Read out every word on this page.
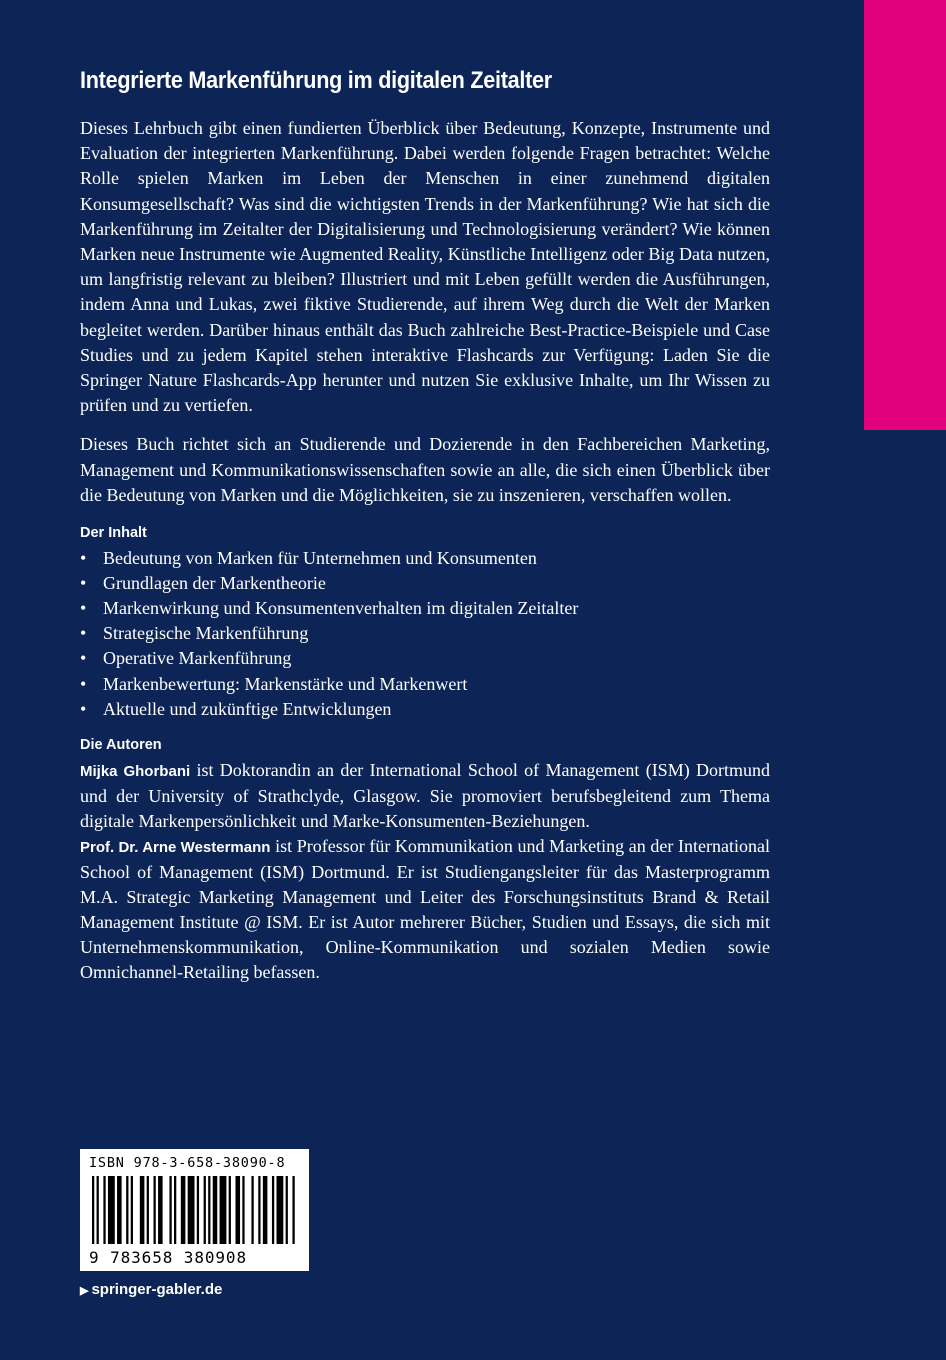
Integrierte Markenführung im digitalen Zeitalter

Dieses Lehrbuch gibt einen fundierten Überblick über Bedeutung, Konzepte, Instrumente und Evaluation der integrierten Markenführung. Dabei werden folgende Fragen betrachtet: Welche Rolle spielen Marken im Leben der Menschen in einer zunehmend digitalen Konsumgesellschaft? Was sind die wichtigsten Trends in der Markenführung? Wie hat sich die Markenführung im Zeitalter der Digitalisierung und Technologisierung verändert? Wie können Marken neue Instrumente wie Augmented Reality, Künstliche Intelligenz oder Big Data nutzen, um langfristig relevant zu bleiben? Illustriert und mit Leben gefüllt werden die Ausführungen, indem Anna und Lukas, zwei fiktive Studierende, auf ihrem Weg durch die Welt der Marken begleitet werden. Darüber hinaus enthält das Buch zahlreiche Best-Practice-Beispiele und Case Studies und zu jedem Kapitel stehen interaktive Flashcards zur Verfügung: Laden Sie die Springer Nature Flashcards-App herunter und nutzen Sie exklusive Inhalte, um Ihr Wissen zu prüfen und zu vertiefen.

Dieses Buch richtet sich an Studierende und Dozierende in den Fachbereichen Marketing, Management und Kommunikationswissenschaften sowie an alle, die sich einen Überblick über die Bedeutung von Marken und die Möglichkeiten, sie zu inszenieren, verschaffen wollen.

Der Inhalt
• Bedeutung von Marken für Unternehmen und Konsumenten
• Grundlagen der Markentheorie
• Markenwirkung und Konsumentenverhalten im digitalen Zeitalter
• Strategische Markenführung
• Operative Markenführung
• Markenbewertung: Markenstärke und Markenwert
• Aktuelle und zukünftige Entwicklungen
Die Autoren

Mijka Ghorbani ist Doktorandin an der International School of Management (ISM) Dortmund und der University of Strathclyde, Glasgow. Sie promoviert berufsbegleitend zum Thema digitale Markenpersönlichkeit und Marke-Konsumenten-Beziehungen.

Prof. Dr. Arne Westermann ist Professor für Kommunikation und Marketing an der International School of Management (ISM) Dortmund. Er ist Studiengangsleiter für das Masterprogramm M.A. Strategic Marketing Management und Leiter des Forschungsinstituts Brand & Retail Management Institute @ ISM. Er ist Autor mehrerer Bücher, Studien und Essays, die sich mit Unternehmenskommunikation, Online-Kommunikation und sozialen Medien sowie Omnichannel-Retailing befassen.

ISBN 978-3-658-38090-8
9 783658 380908
▶ springer-gabler.de
